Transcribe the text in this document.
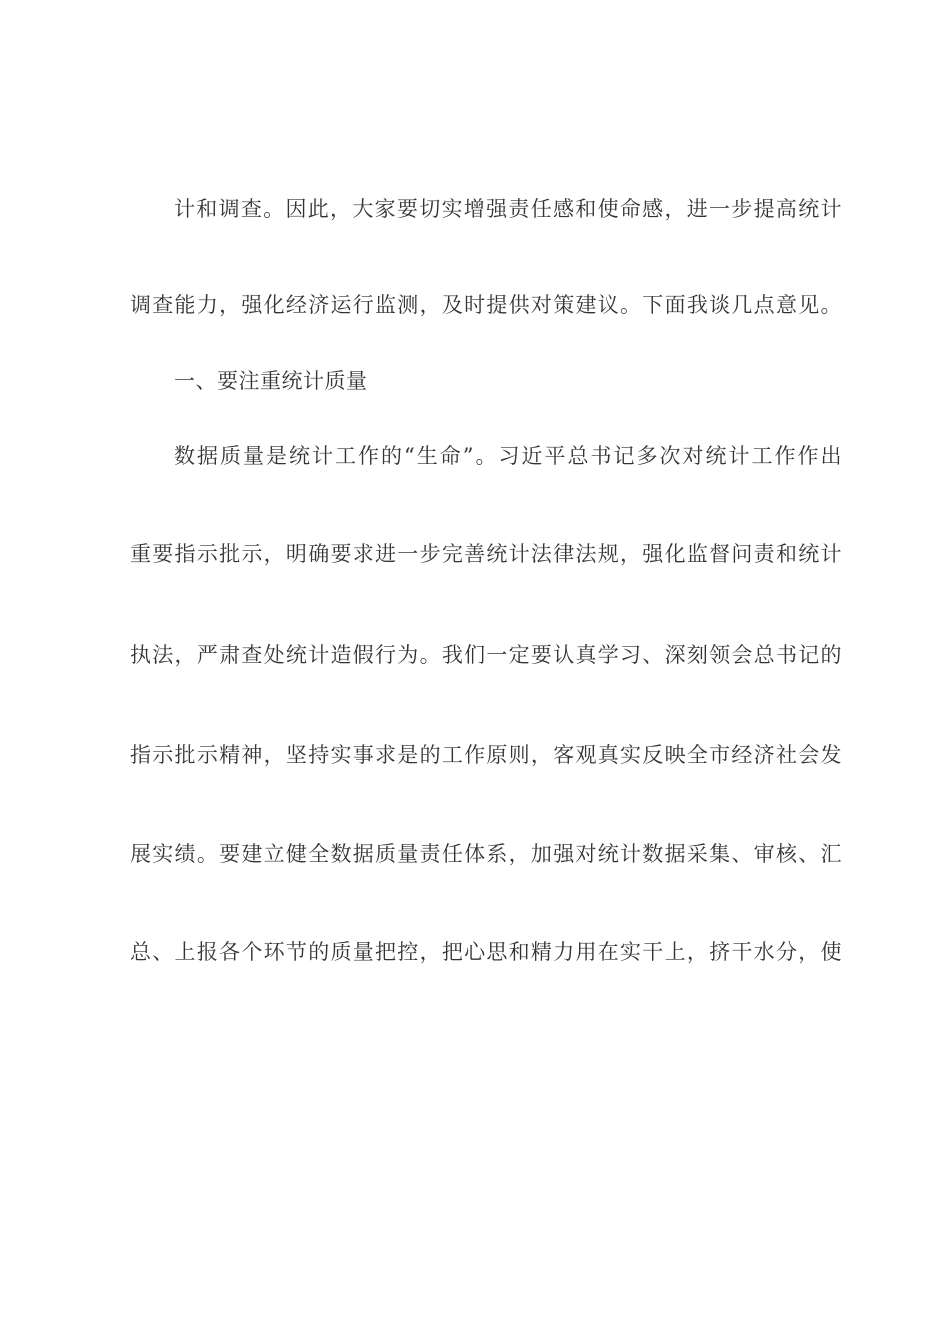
计和调查。因此，大家要切实增强责任感和使命感，进一步提高统计
调查能力，强化经济运行监测，及时提供对策建议。下面我谈几点意见。
一、要注重统计质量
数据质量是统计工作的“生命”。习近平总书记多次对统计工作作出
重要指示批示，明确要求进一步完善统计法律法规，强化监督问责和统计
执法，严肃查处统计造假行为。我们一定要认真学习、深刻领会总书记的
指示批示精神，坚持实事求是的工作原则，客观真实反映全市经济社会发
展实绩。要建立健全数据质量责任体系，加强对统计数据采集、审核、汇
总、上报各个环节的质量把控，把心思和精力用在实干上，挤干水分，使
